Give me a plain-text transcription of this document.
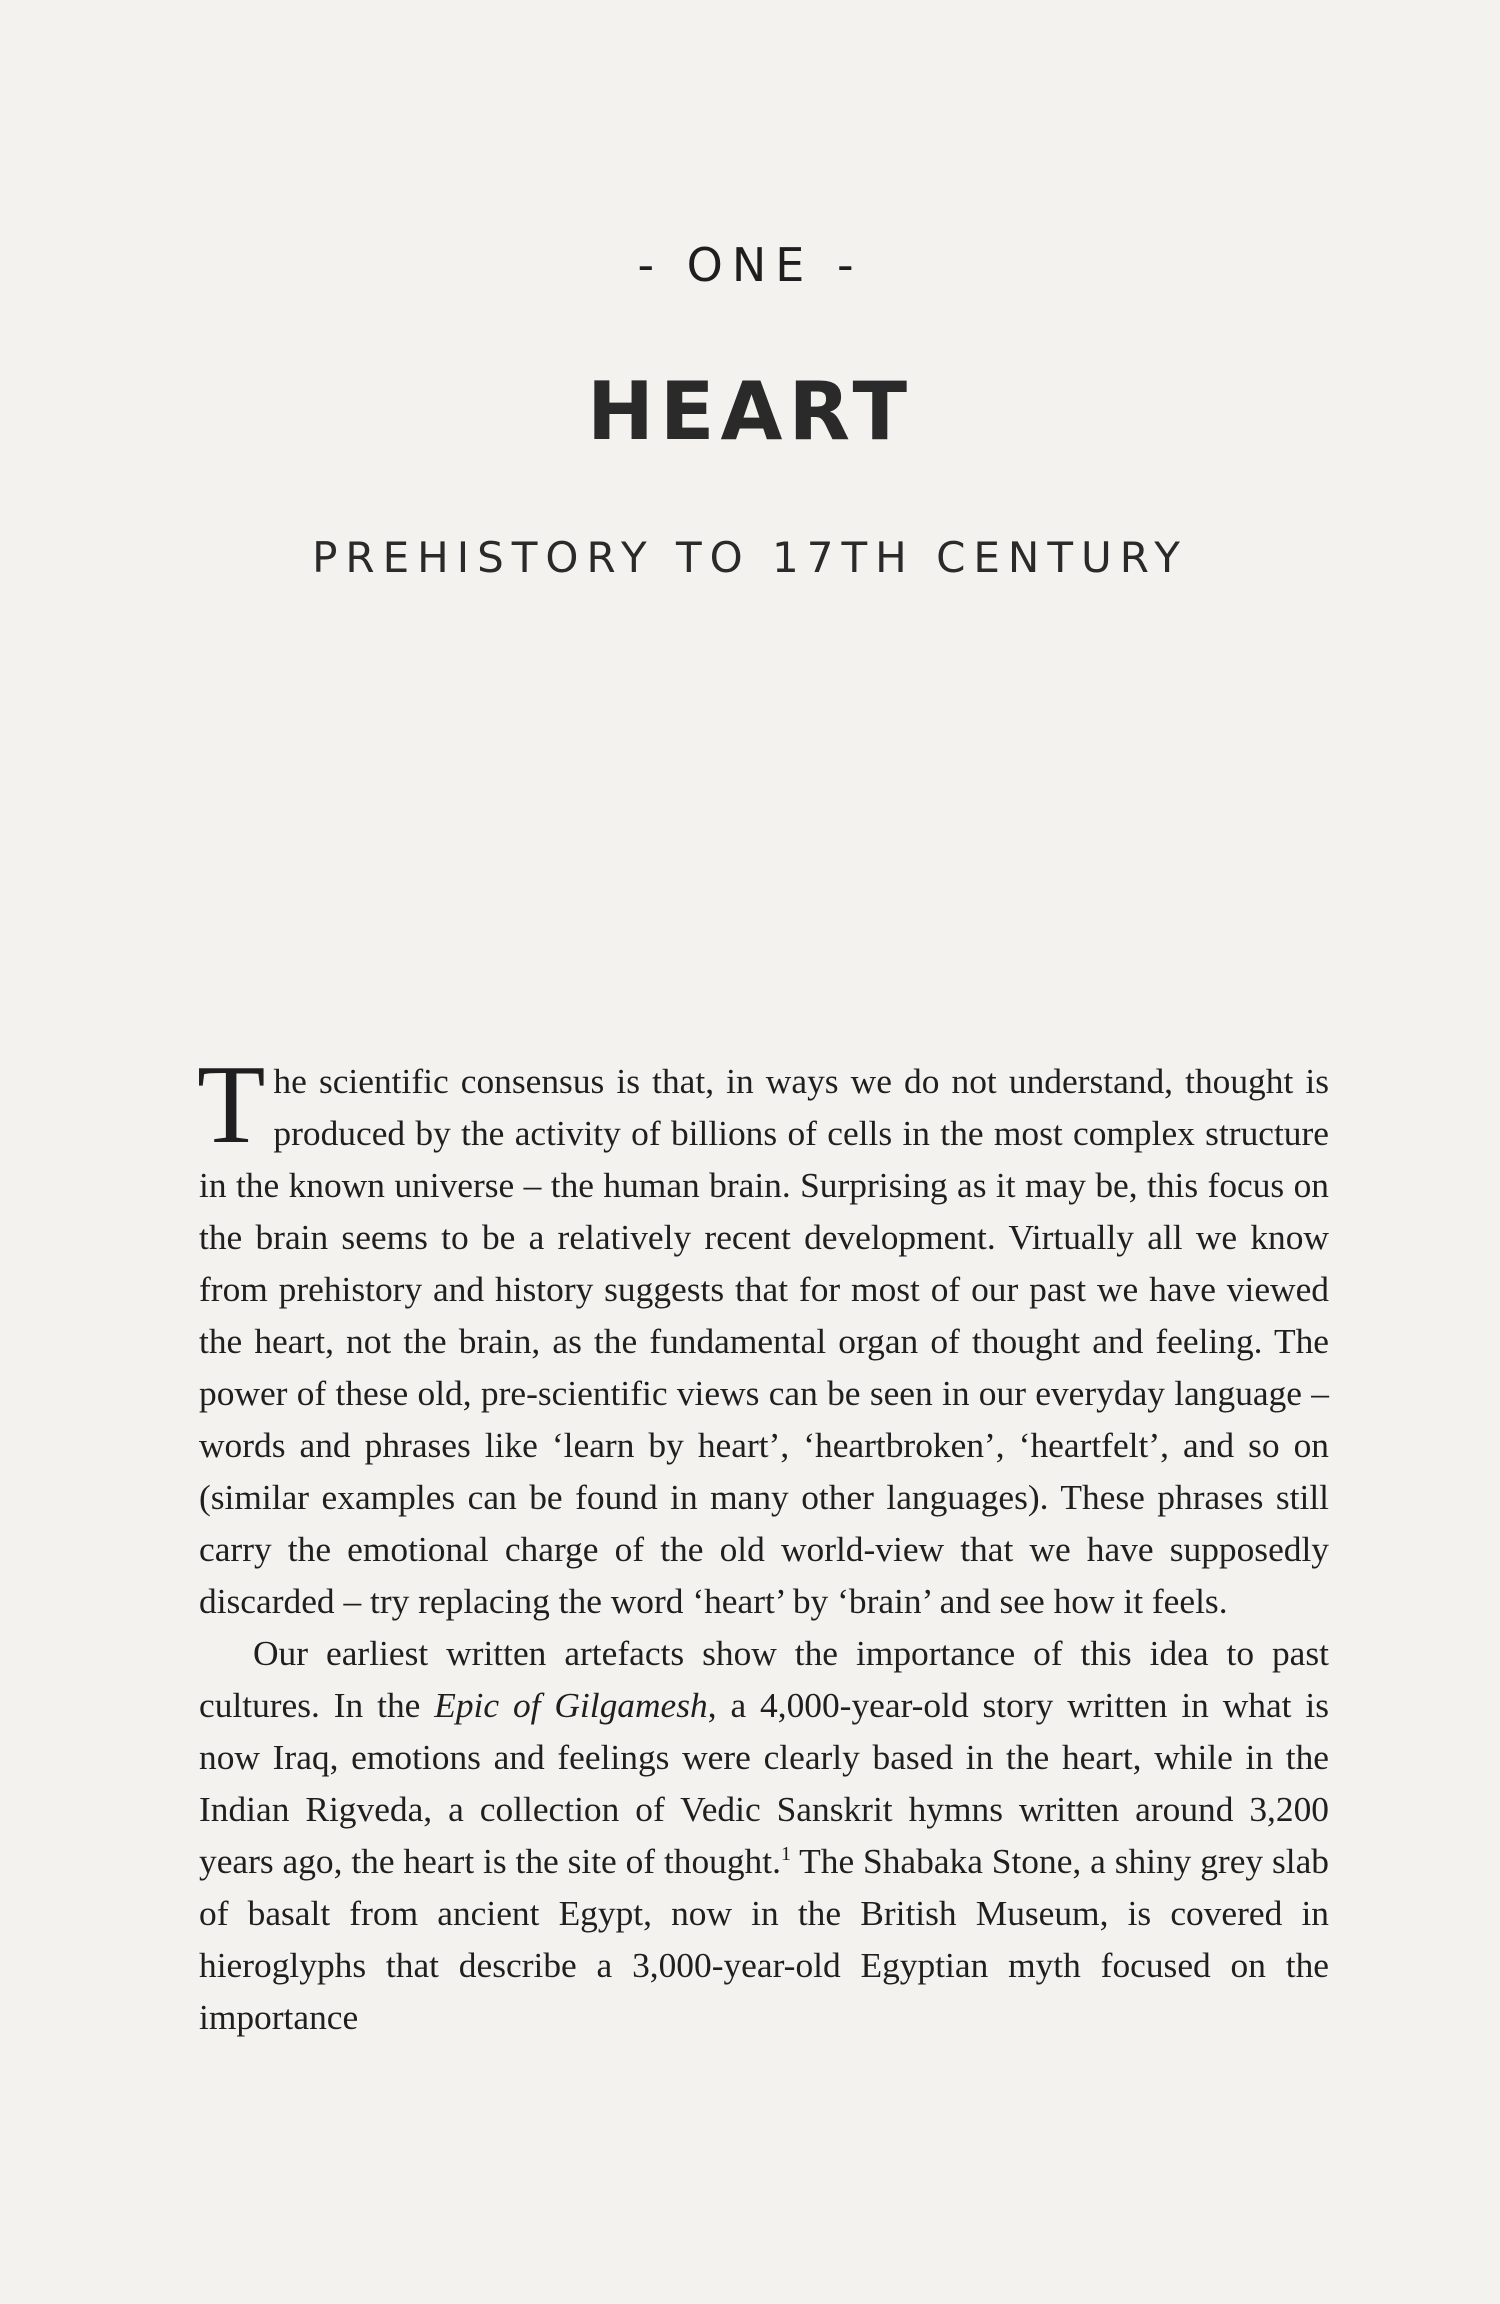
- ONE -
HEART
PREHISTORY TO 17TH CENTURY

The scientific consensus is that, in ways we do not understand, thought is produced by the activity of billions of cells in the most complex structure in the known universe – the human brain. Surprising as it may be, this focus on the brain seems to be a relatively recent development. Virtually all we know from prehistory and history suggests that for most of our past we have viewed the heart, not the brain, as the fundamental organ of thought and feeling. The power of these old, pre-scientific views can be seen in our everyday language – words and phrases like ‘learn by heart’, ‘heartbroken’, ‘heartfelt’, and so on (similar examples can be found in many other languages). These phrases still carry the emotional charge of the old world-view that we have supposedly discarded – try replacing the word ‘heart’ by ‘brain’ and see how it feels.

Our earliest written artefacts show the importance of this idea to past cultures. In the Epic of Gilgamesh, a 4,000-year-old story written in what is now Iraq, emotions and feelings were clearly based in the heart, while in the Indian Rigveda, a collection of Vedic Sanskrit hymns written around 3,200 years ago, the heart is the site of thought.$^1$ The Shabaka Stone, a shiny grey slab of basalt from ancient Egypt, now in the British Museum, is covered in hieroglyphs that describe a 3,000-year-old Egyptian myth focused on the importance
